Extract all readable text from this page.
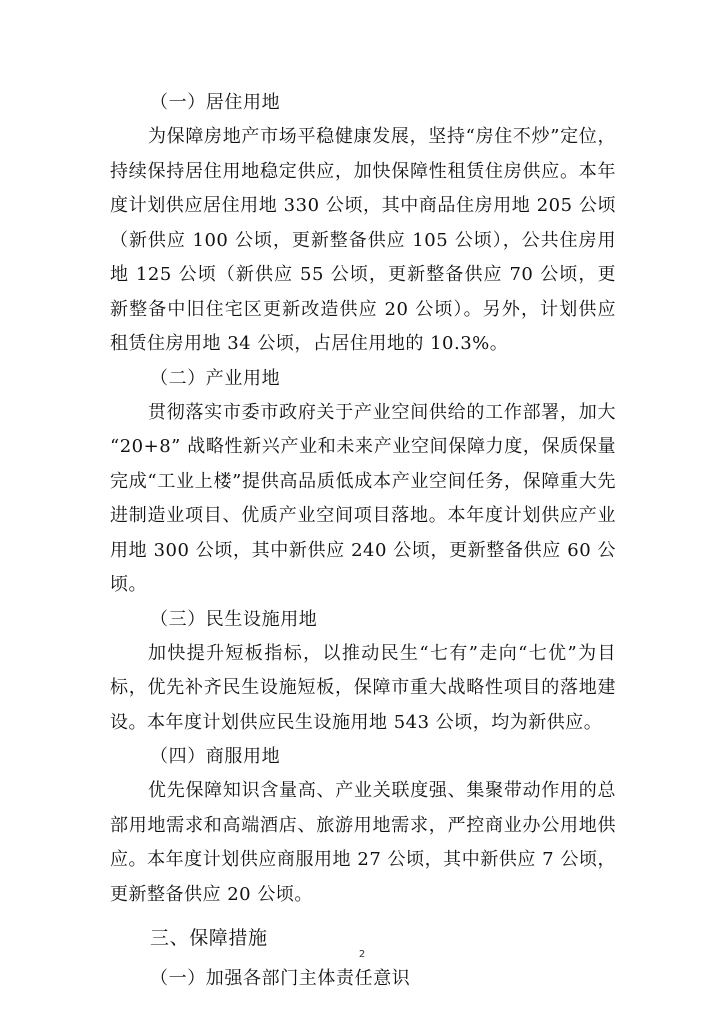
（一）居住用地

为保障房地产市场平稳健康发展，坚持“房住不炒”定位，持续保持居住用地稳定供应，加快保障性租赁住房供应。本年度计划供应居住用地 330 公顷，其中商品住房用地 205 公顷（新供应 100 公顷，更新整备供应 105 公顷），公共住房用地 125 公顷（新供应 55 公顷，更新整备供应 70 公顷，更新整备中旧住宅区更新改造供应 20 公顷）。另外，计划供应租赁住房用地 34 公顷，占居住用地的 10.3%。

（二）产业用地

贯彻落实市委市政府关于产业空间供给的工作部署，加大 “20+8” 战略性新兴产业和未来产业空间保障力度，保质保量完成“工业上楼”提供高品质低成本产业空间任务，保障重大先进制造业项目、优质产业空间项目落地。本年度计划供应产业用地 300 公顷，其中新供应 240 公顷，更新整备供应 60 公顷。

（三）民生设施用地

加快提升短板指标，以推动民生“七有”走向“七优”为目标，优先补齐民生设施短板，保障市重大战略性项目的落地建设。本年度计划供应民生设施用地 543 公顷，均为新供应。

（四）商服用地

优先保障知识含量高、产业关联度强、集聚带动作用的总部用地需求和高端酒店、旅游用地需求，严控商业办公用地供应。本年度计划供应商服用地 27 公顷，其中新供应 7 公顷，更新整备供应 20 公顷。

三、保障措施
（一）加强各部门主体责任意识
2
